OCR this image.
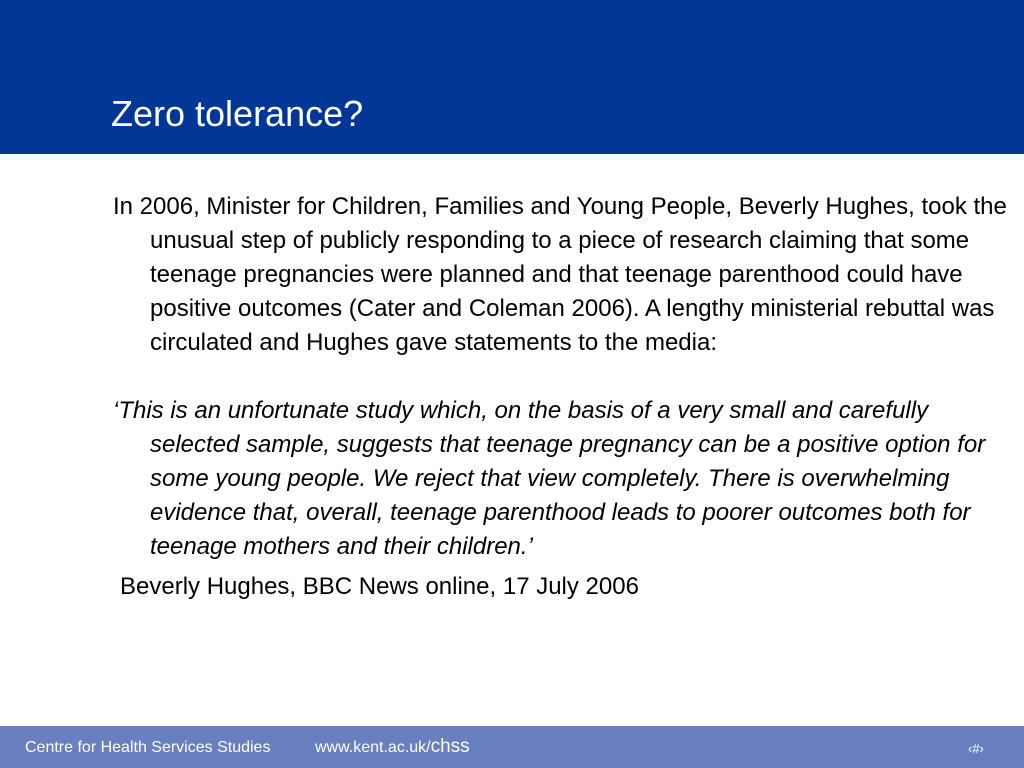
Zero tolerance?

In 2006, Minister for Children, Families and Young People, Beverly Hughes, took the unusual step of publicly responding to a piece of research claiming that some teenage pregnancies were planned and that teenage parenthood could have positive outcomes (Cater and Coleman 2006). A lengthy ministerial rebuttal was circulated and Hughes gave statements to the media:

‘This is an unfortunate study which, on the basis of a very small and carefully selected sample, suggests that teenage pregnancy can be a positive option for some young people. We reject that view completely. There is overwhelming evidence that, overall, teenage parenthood leads to poorer outcomes both for teenage mothers and their children.’

Beverly Hughes, BBC News online, 17 July 2006

Centre for Health Services Studies	www.kent.ac.uk/chss	‹#›
